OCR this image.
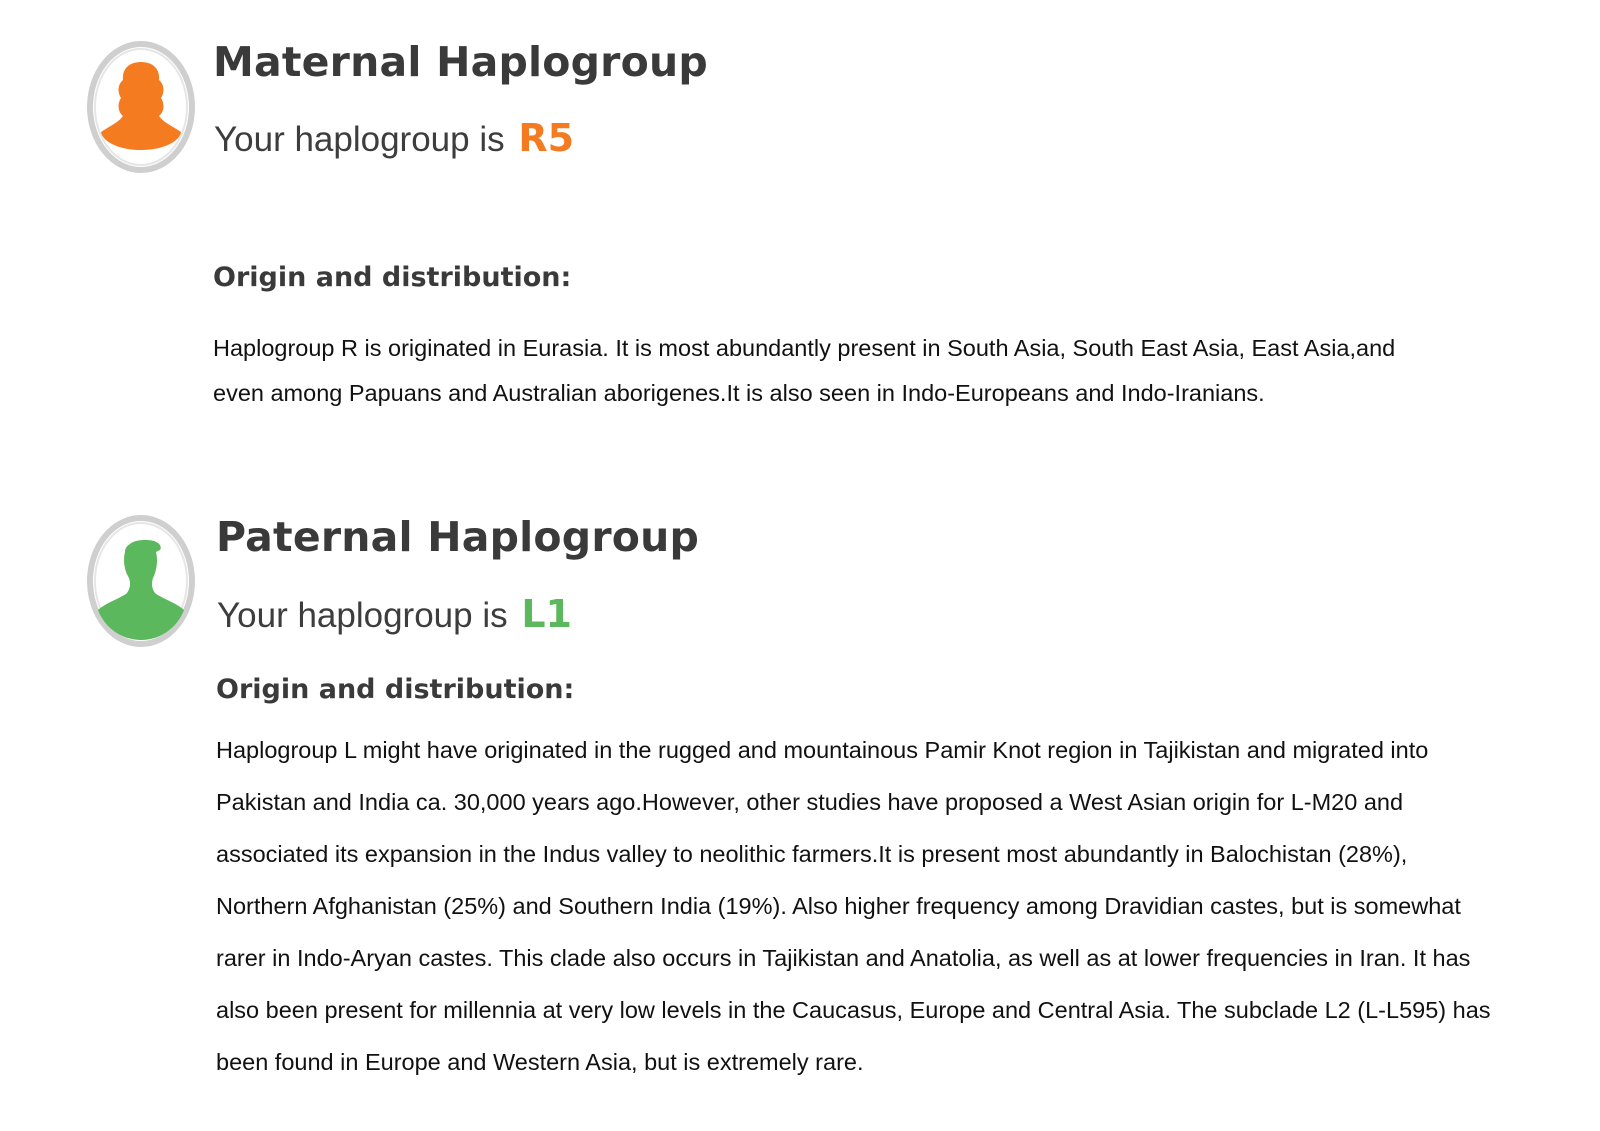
Maternal Haplogroup

Your haplogroup is R5

Origin and distribution:

Haplogroup R is originated in Eurasia. It is most abundantly present in South Asia, South East Asia, East Asia,and
even among Papuans and Australian aborigenes.It is also seen in Indo-Europeans and Indo-Iranians.

Paternal Haplogroup

Your haplogroup is L1

Origin and distribution:

Haplogroup L might have originated in the rugged and mountainous Pamir Knot region in Tajikistan and migrated into
Pakistan and India ca. 30,000 years ago.However, other studies have proposed a West Asian origin for L-M20 and
associated its expansion in the Indus valley to neolithic farmers.It is present most abundantly in Balochistan (28%),
Northern Afghanistan (25%) and Southern India (19%). Also higher frequency among Dravidian castes, but is somewhat
rarer in Indo-Aryan castes. This clade also occurs in Tajikistan and Anatolia, as well as at lower frequencies in Iran. It has
also been present for millennia at very low levels in the Caucasus, Europe and Central Asia. The subclade L2 (L-L595) has
been found in Europe and Western Asia, but is extremely rare.
